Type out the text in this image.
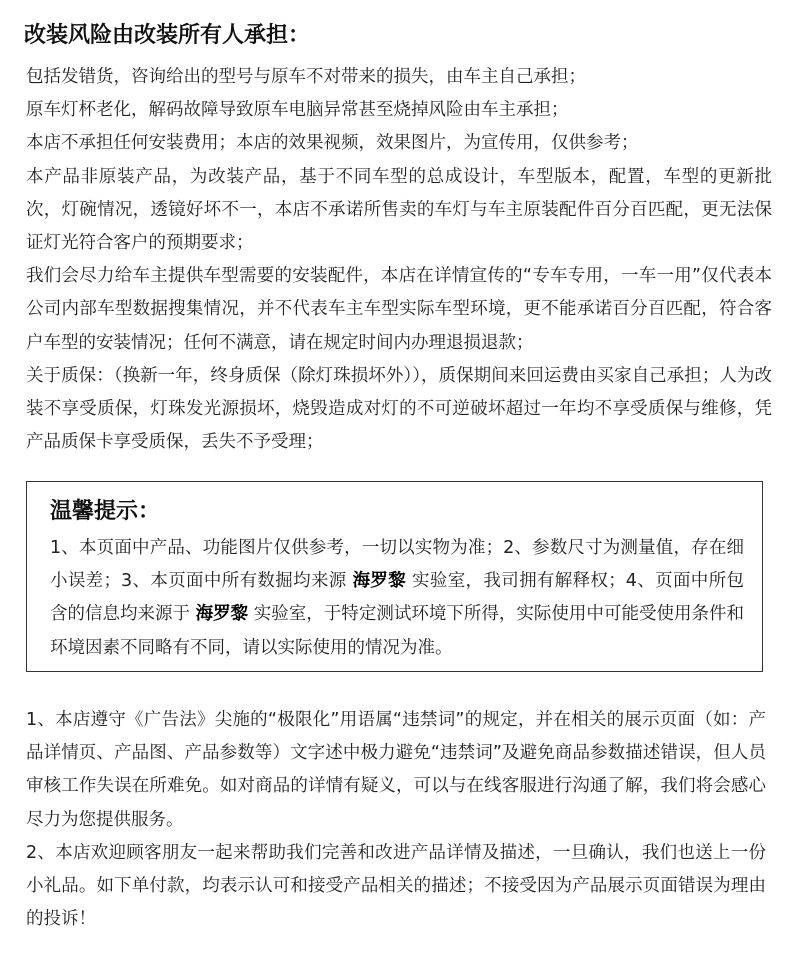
改装风险由改装所有人承担：

包括发错货，咨询给出的型号与原车不对带来的损失，由车主自己承担；

原车灯杯老化，解码故障导致原车电脑异常甚至烧掉风险由车主承担；

本店不承担任何安装费用；本店的效果视频，效果图片，为宣传用，仅供参考；

本产品非原装产品，为改装产品，基于不同车型的总成设计，车型版本，配置，车型的更新批次，灯碗情况，透镜好坏不一，本店不承诺所售卖的车灯与车主原装配件百分百匹配，更无法保证灯光符合客户的预期要求；

我们会尽力给车主提供车型需要的安装配件，本店在详情宣传的“专车专用，一车一用”仅代表本公司内部车型数据搜集情况，并不代表车主车型实际车型环境，更不能承诺百分百匹配，符合客户车型的安装情况；任何不满意，请在规定时间内办理退损退款；

关于质保：（换新一年，终身质保（除灯珠损坏外）），质保期间来回运费由买家自己承担；人为改装不享受质保，灯珠发光源损坏，烧毁造成对灯的不可逆破坏超过一年均不享受质保与维修，凭产品质保卡享受质保，丢失不予受理；

温馨提示：

1、本页面中产品、功能图片仅供参考，一切以实物为准；2、参数尺寸为测量值，存在细小误差；3、本页面中所有数掘均来源 海罗黎 实验室，我司拥有解释权；4、页面中所包含的信息均来源于 海罗黎 实验室，于特定测试环境下所得，实际使用中可能受使用条件和环境因素不同略有不同，请以实际使用的情况为准。

1、本店遵守《广告法》尖施的“极限化”用语属“违禁词”的规定，并在相关的展示页面（如：产品详情页、产品图、产品参数等）文字述中极力避免“违禁词”及避免商品参数描述错误，但人员审核工作失误在所难免。如对商品的详情有疑义，可以与在线客服进行沟通了解，我们将会感心尽力为您提供服务。

2、本店欢迎顾客朋友一起来帮助我们完善和改进产品详情及描述，一旦确认，我们也送上一份小礼品。如下单付款，均表示认可和接受产品相关的描述；不接受因为产品展示页面错误为理由的投诉！
